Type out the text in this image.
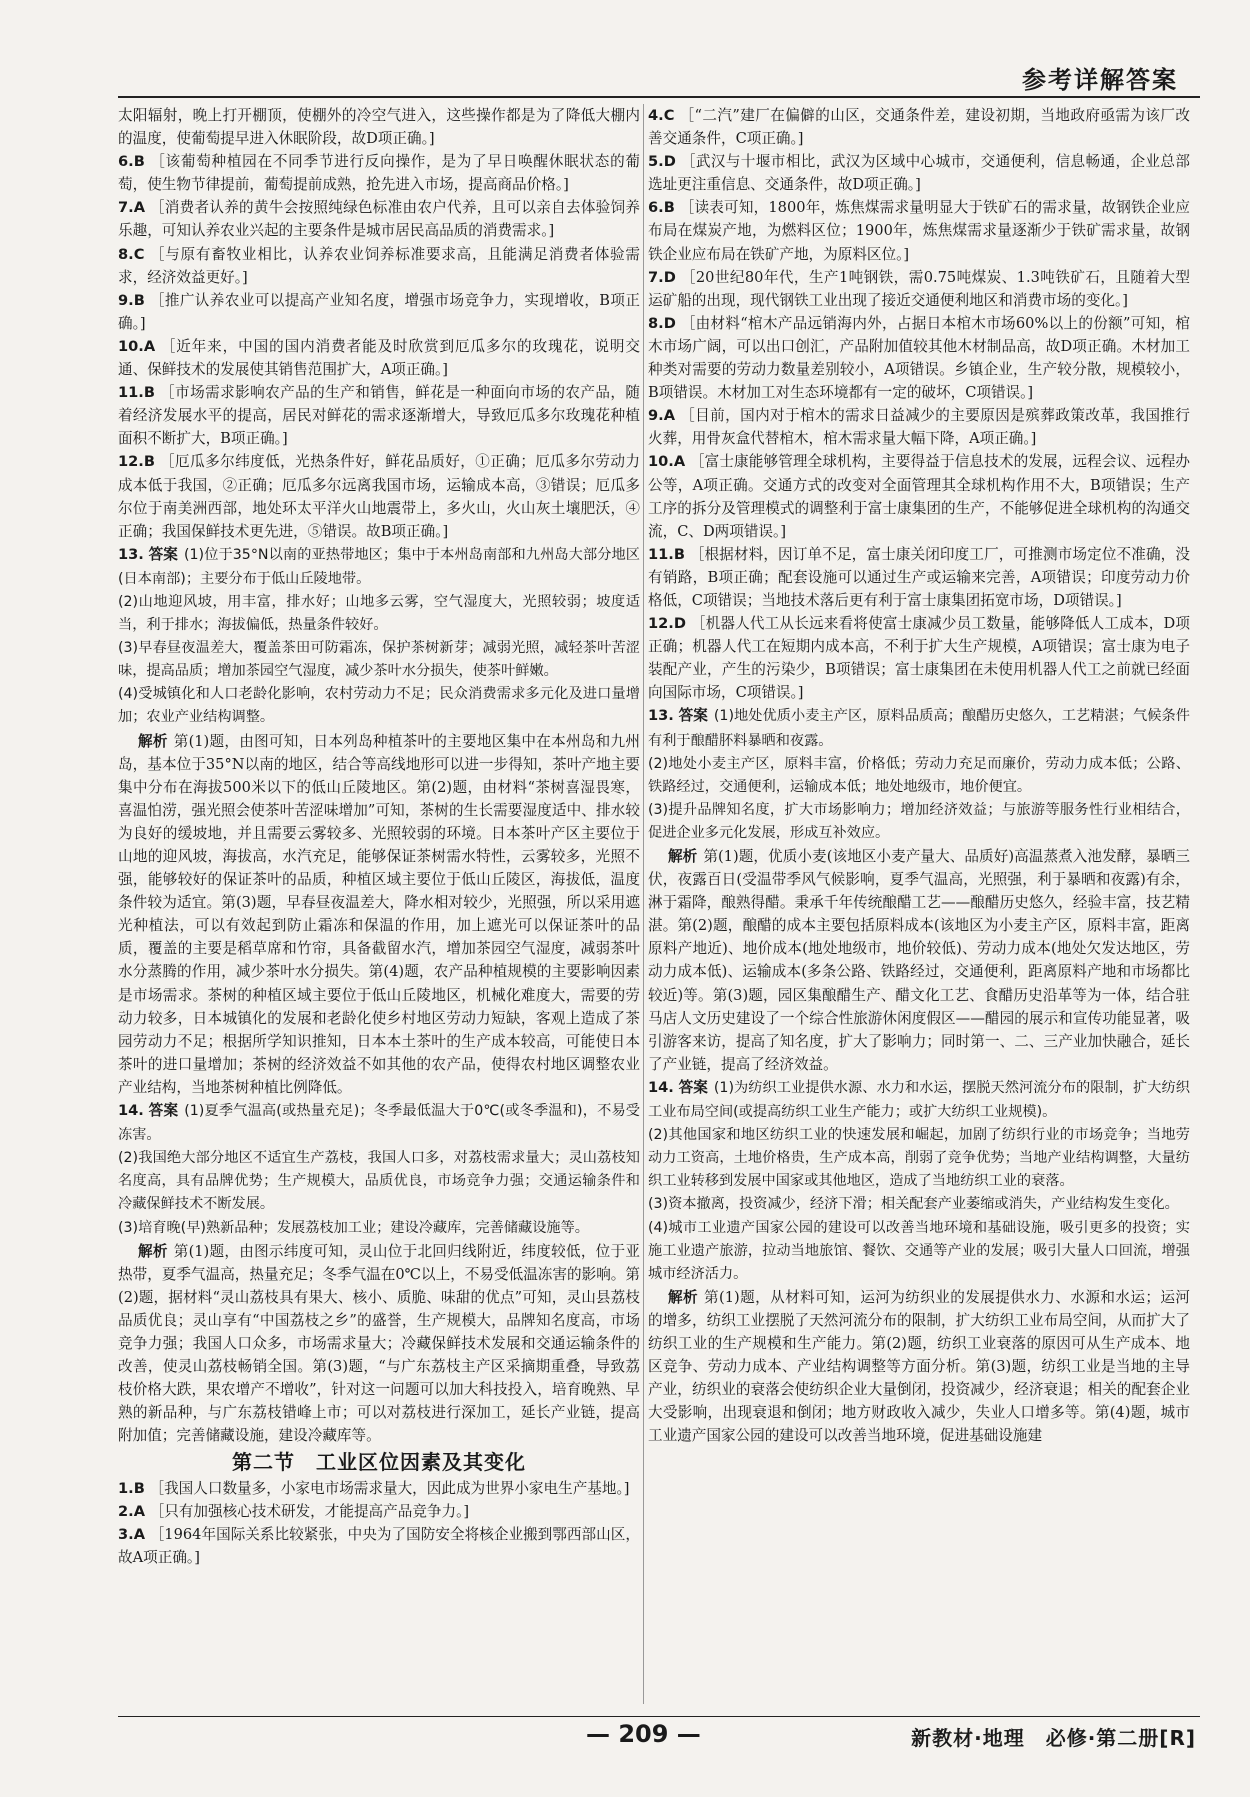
参考详解答案
太阳辐射，晚上打开棚顶，使棚外的冷空气进入，这些操作都是为了降低大棚内的温度，使葡萄提早进入休眠阶段，故D项正确。]
6.B ［该葡萄种植园在不同季节进行反向操作，是为了早日唤醒休眠状态的葡萄，使生物节律提前，葡萄提前成熟，抢先进入市场，提高商品价格。]
7.A ［消费者认养的黄牛会按照纯绿色标准由农户代养，且可以亲自去体验饲养乐趣，可知认养农业兴起的主要条件是城市居民高品质的消费需求。]
8.C ［与原有畜牧业相比，认养农业饲养标准要求高，且能满足消费者体验需求，经济效益更好。]
9.B ［推广认养农业可以提高产业知名度，增强市场竞争力，实现增收，B项正确。]
10.A ［近年来，中国的国内消费者能及时欣赏到厄瓜多尔的玫瑰花，说明交通、保鲜技术的发展使其销售范围扩大，A项正确。]
11.B ［市场需求影响农产品的生产和销售，鲜花是一种面向市场的农产品，随着经济发展水平的提高，居民对鲜花的需求逐渐增大，导致厄瓜多尔玫瑰花种植面积不断扩大，B项正确。]
12.B ［厄瓜多尔纬度低，光热条件好，鲜花品质好，①正确；厄瓜多尔劳动力成本低于我国，②正确；厄瓜多尔远离我国市场，运输成本高，③错误；厄瓜多尔位于南美洲西部，地处环太平洋火山地震带上，多火山，火山灰土壤肥沃，④正确；我国保鲜技术更先进，⑤错误。故B项正确。]
13. 答案 (1)位于35°N以南的亚热带地区；集中于本州岛南部和九州岛大部分地区(日本南部)；主要分布于低山丘陵地带。
(2)山地迎风坡，用丰富，排水好；山地多云雾，空气湿度大，光照较弱；坡度适当，利于排水；海拔偏低，热量条件较好。
(3)早春昼夜温差大，覆盖茶田可防霜冻，保护茶树新芽；减弱光照，减轻茶叶苦涩味，提高品质；增加茶园空气湿度，减少茶叶水分损失，使茶叶鲜嫩。
(4)受城镇化和人口老龄化影响，农村劳动力不足；民众消费需求多元化及进口量增加；农业产业结构调整。
解析 第(1)题，由图可知，日本列岛种植茶叶的主要地区集中在本州岛和九州岛，基本位于35°N以南的地区，结合等高线地形可以进一步得知，茶叶产地主要集中分布在海拔500米以下的低山丘陵地区。第(2)题，由材料“茶树喜湿畏寒，喜温怕涝，强光照会使茶叶苦涩味增加”可知，茶树的生长需要湿度适中、排水较为良好的缓坡地，并且需要云雾较多、光照较弱的环境。日本茶叶产区主要位于山地的迎风坡，海拔高，水汽充足，能够保证茶树需水特性，云雾较多，光照不强，能够较好的保证茶叶的品质，种植区域主要位于低山丘陵区，海拔低，温度条件较为适宜。第(3)题，早春昼夜温差大，降水相对较少，光照强，所以采用遮光种植法，可以有效起到防止霜冻和保温的作用，加上遮光可以保证茶叶的品质，覆盖的主要是稻草席和竹帘，具备截留水汽，增加茶园空气湿度，减弱茶叶水分蒸腾的作用，减少茶叶水分损失。第(4)题，农产品种植规模的主要影响因素是市场需求。茶树的种植区域主要位于低山丘陵地区，机械化难度大，需要的劳动力较多，日本城镇化的发展和老龄化使乡村地区劳动力短缺，客观上造成了茶园劳动力不足；根据所学知识推知，日本本土茶叶的生产成本较高，可能使日本茶叶的进口量增加；茶树的经济效益不如其他的农产品，使得农村地区调整农业产业结构，当地茶树种植比例降低。
14. 答案 (1)夏季气温高(或热量充足)；冬季最低温大于0℃(或冬季温和)，不易受冻害。
(2)我国绝大部分地区不适宜生产荔枝，我国人口多，对荔枝需求量大；灵山荔枝知名度高，具有品牌优势；生产规模大，品质优良，市场竞争力强；交通运输条件和冷藏保鲜技术不断发展。
(3)培育晚(早)熟新品种；发展荔枝加工业；建设冷藏库，完善储藏设施等。
解析 第(1)题，由图示纬度可知，灵山位于北回归线附近，纬度较低，位于亚热带，夏季气温高，热量充足；冬季气温在0℃以上，不易受低温冻害的影响。第(2)题，据材料“灵山荔枝具有果大、核小、质脆、味甜的优点”可知，灵山县荔枝品质优良；灵山享有“中国荔枝之乡”的盛誉，生产规模大，品牌知名度高，市场竞争力强；我国人口众多，市场需求量大；冷藏保鲜技术发展和交通运输条件的改善，使灵山荔枝畅销全国。第(3)题，“与广东荔枝主产区采摘期重叠，导致荔枝价格大跌，果农增产不增收”，针对这一问题可以加大科技投入，培育晚熟、早熟的新品种，与广东荔枝错峰上市；可以对荔枝进行深加工，延长产业链，提高附加值；完善储藏设施，建设冷藏库等。
第二节　工业区位因素及其变化
1.B ［我国人口数量多，小家电市场需求量大，因此成为世界小家电生产基地。]
2.A ［只有加强核心技术研发，才能提高产品竞争力。]
3.A ［1964年国际关系比较紧张，中央为了国防安全将核企业搬到鄂西部山区，故A项正确。]
4.C ［“二汽”建厂在偏僻的山区，交通条件差，建设初期，当地政府亟需为该厂改善交通条件，C项正确。]
5.D ［武汉与十堰市相比，武汉为区域中心城市，交通便利，信息畅通，企业总部选址更注重信息、交通条件，故D项正确。]
6.B ［读表可知，1800年，炼焦煤需求量明显大于铁矿石的需求量，故钢铁企业应布局在煤炭产地，为燃料区位；1900年，炼焦煤需求量逐渐少于铁矿需求量，故钢铁企业应布局在铁矿产地，为原料区位。]
7.D ［20世纪80年代，生产1吨钢铁，需0.75吨煤炭、1.3吨铁矿石，且随着大型运矿船的出现，现代钢铁工业出现了接近交通便利地区和消费市场的变化。]
8.D ［由材料“棺木产品远销海内外，占据日本棺木市场60%以上的份额”可知，棺木市场广阔，可以出口创汇，产品附加值较其他木材制品高，故D项正确。木材加工种类对需要的劳动力数量差别较小，A项错误。乡镇企业，生产较分散，规模较小，B项错误。木材加工对生态环境都有一定的破坏，C项错误。]
9.A ［目前，国内对于棺木的需求日益减少的主要原因是殡葬政策改革，我国推行火葬，用骨灰盒代替棺木，棺木需求量大幅下降，A项正确。]
10.A ［富士康能够管理全球机构，主要得益于信息技术的发展，远程会议、远程办公等，A项正确。交通方式的改变对全面管理其全球机构作用不大，B项错误；生产工序的拆分及管理模式的调整利于富士康集团的生产，不能够促进全球机构的沟通交流，C、D两项错误。]
11.B ［根据材料，因订单不足，富士康关闭印度工厂，可推测市场定位不准确，没有销路，B项正确；配套设施可以通过生产或运输来完善，A项错误；印度劳动力价格低，C项错误；当地技术落后更有利于富士康集团拓宽市场，D项错误。]
12.D ［机器人代工从长远来看将使富士康减少员工数量，能够降低人工成本，D项正确；机器人代工在短期内成本高，不利于扩大生产规模，A项错误；富士康为电子装配产业，产生的污染少，B项错误；富士康集团在未使用机器人代工之前就已经面向国际市场，C项错误。]
13. 答案 (1)地处优质小麦主产区，原料品质高；酿醋历史悠久，工艺精湛；气候条件有利于酿醋肧料暴晒和夜露。
(2)地处小麦主产区，原料丰富，价格低；劳动力充足而廉价，劳动力成本低；公路、铁路经过，交通便利，运输成本低；地处地级市，地价便宜。
(3)提升品牌知名度，扩大市场影响力；增加经济效益；与旅游等服务性行业相结合，促进企业多元化发展，形成互补效应。
解析 第(1)题，优质小麦(该地区小麦产量大、品质好)高温蒸煮入池发酵，暴晒三伏，夜露百日(受温带季风气候影响，夏季气温高，光照强，利于暴晒和夜露)有余，淋于霜降，酿熟得醋。秉承千年传统酿醋工艺——酿醋历史悠久，经验丰富，技艺精湛。第(2)题，酿醋的成本主要包括原料成本(该地区为小麦主产区，原料丰富，距离原料产地近)、地价成本(地处地级市，地价较低)、劳动力成本(地处欠发达地区，劳动力成本低)、运输成本(多条公路、铁路经过，交通便利，距离原料产地和市场都比较近)等。第(3)题，园区集酿醋生产、醋文化工艺、食醋历史沿革等为一体，结合驻马店人文历史建设了一个综合性旅游休闲度假区——醋园的展示和宣传功能显著，吸引游客来访，提高了知名度，扩大了影响力；同时第一、二、三产业加快融合，延长了产业链，提高了经济效益。
14. 答案 (1)为纺织工业提供水源、水力和水运，摆脱天然河流分布的限制，扩大纺织工业布局空间(或提高纺织工业生产能力；或扩大纺织工业规模)。
(2)其他国家和地区纺织工业的快速发展和崛起，加剧了纺织行业的市场竞争；当地劳动力工资高，土地价格贵，生产成本高，削弱了竞争优势；当地产业结构调整，大量纺织工业转移到发展中国家或其他地区，造成了当地纺织工业的衰落。
(3)资本撤离，投资减少，经济下滑；相关配套产业萎缩或消失，产业结构发生变化。
(4)城市工业遗产国家公园的建设可以改善当地环境和基础设施，吸引更多的投资；实施工业遗产旅游，拉动当地旅馆、餐饮、交通等产业的发展；吸引大量人口回流，增强城市经济活力。
解析 第(1)题，从材料可知，运河为纺织业的发展提供水力、水源和水运；运河的增多，纺织工业摆脱了天然河流分布的限制，扩大纺织工业布局空间，从而扩大了纺织工业的生产规模和生产能力。第(2)题，纺织工业衰落的原因可从生产成本、地区竞争、劳动力成本、产业结构调整等方面分析。第(3)题，纺织工业是当地的主导产业，纺织业的衰落会使纺织企业大量倒闭，投资减少，经济衰退；相关的配套企业大受影响，出现衰退和倒闭；地方财政收入减少，失业人口增多等。第(4)题，城市工业遗产国家公园的建设可以改善当地环境，促进基础设施建
— 209 —	新教材·地理　必修·第二册[R]
